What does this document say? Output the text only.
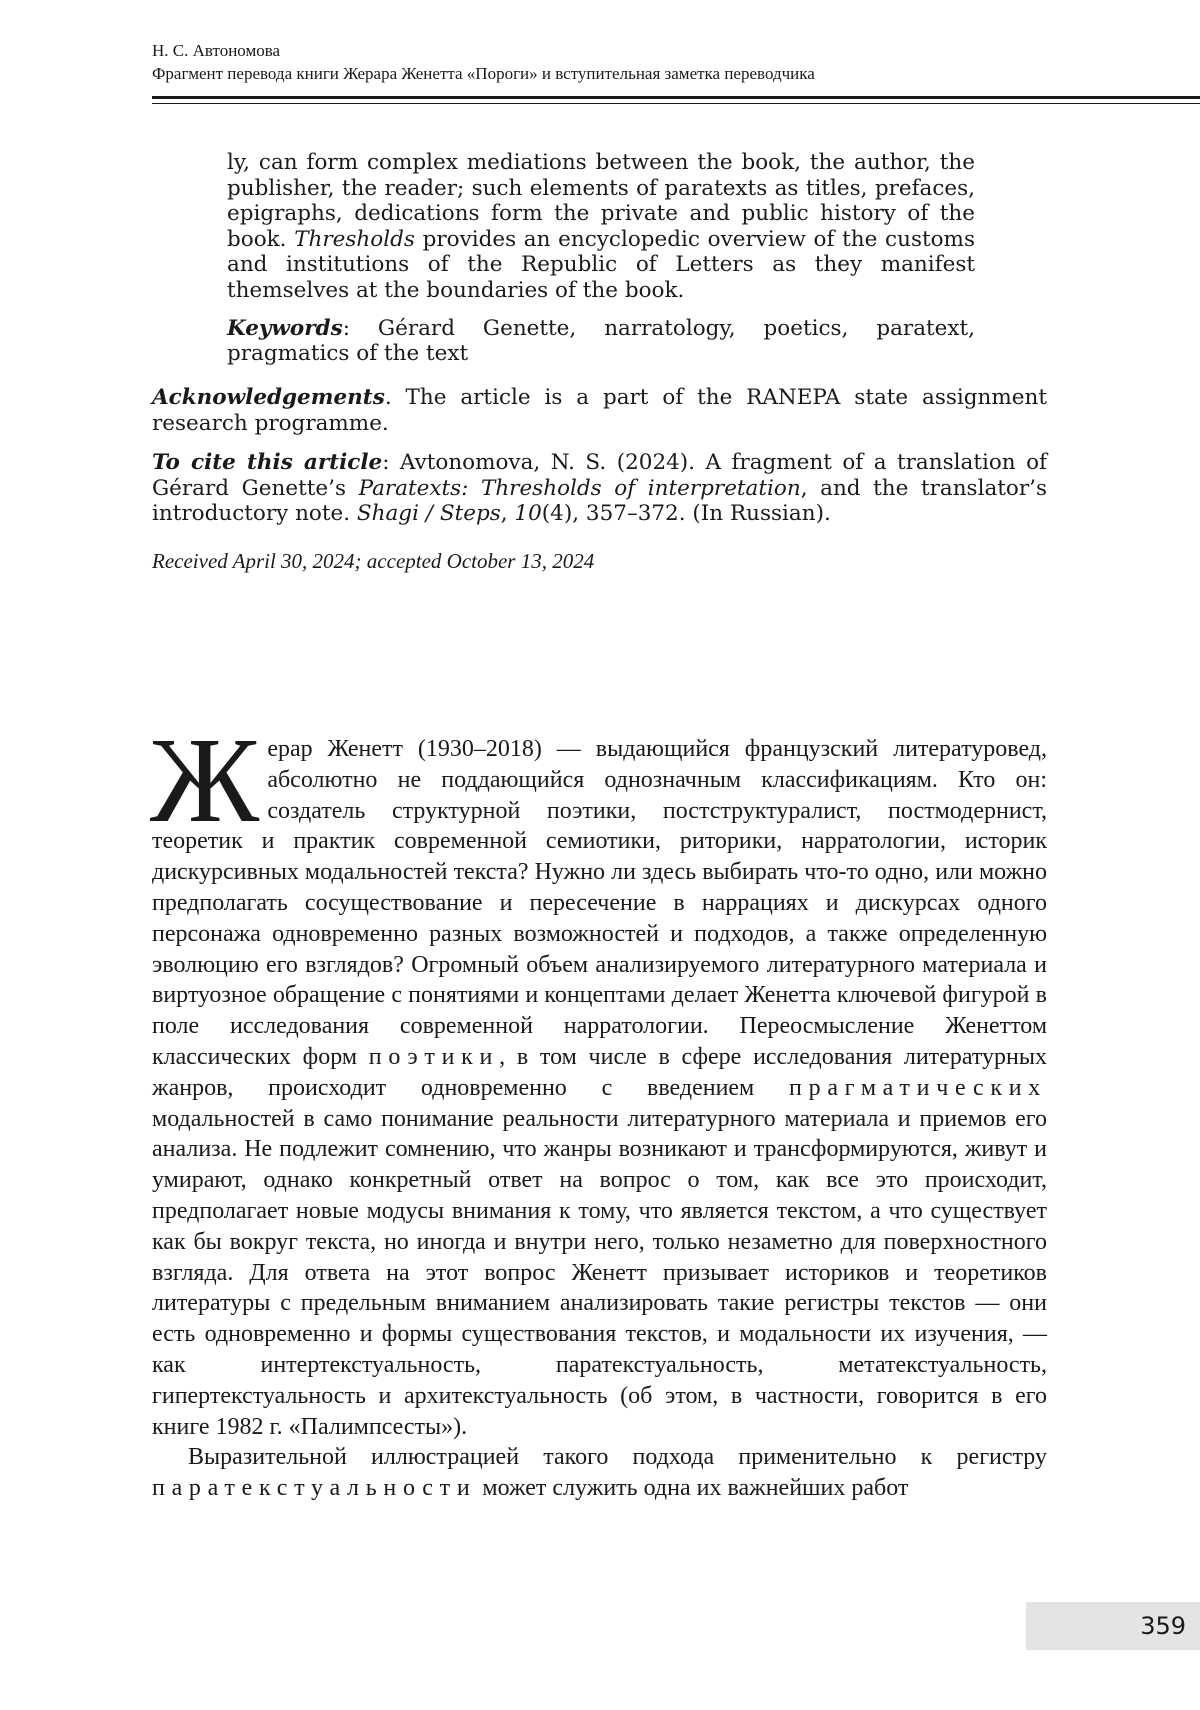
Н. С. Автономова
Фрагмент перевода книги Жерара Женетта «Пороги» и вступительная заметка переводчика

ly, can form complex mediations between the book, the author, the publisher, the reader; such elements of paratexts as titles, prefaces, epigraphs, dedications form the private and public history of the book. Thresholds provides an encyclopedic overview of the customs and institutions of the Republic of Letters as they manifest themselves at the boundaries of the book.

Keywords: Gérard Genette, narratology, poetics, paratext, pragmatics of the text

Acknowledgements. The article is a part of the RANEPA state assignment research programme.

To cite this article: Avtonomova, N. S. (2024). A fragment of a translation of Gérard Genette’s Paratexts: Thresholds of interpretation, and the translator’s introductory note. Shagi / Steps, 10(4), 357–372. (In Russian).

Received April 30, 2024; accepted October 13, 2024

Ж ерар Женетт (1930–2018) — выдающийся французский литературовед, абсолютно не поддающийся однозначным классификациям. Кто он: создатель структурной поэтики, постструктуралист, постмодернист, теоретик и практик современной семиотики, риторики, нарратологии, историк дискурсивных модальностей текста? Нужно ли здесь выбирать что-то одно, или можно предполагать сосуществование и пересечение в наррациях и дискурсах одного персонажа одновременно разных возможностей и подходов, а также определенную эволюцию его взглядов? Огромный объем анализируемого литературного материала и виртуозное обращение с понятиями и концептами делает Женетта ключевой фигурой в поле исследования современной нарратологии. Переосмысление Женеттом классических форм поэтики, в том числе в сфере исследования литературных жанров, происходит одновременно с введением прагматических модальностей в само понимание реальности литературного материала и приемов его анализа. Не подлежит сомнению, что жанры возникают и трансформируются, живут и умирают, однако конкретный ответ на вопрос о том, как все это происходит, предполагает новые модусы внимания к тому, что является текстом, а что существует как бы вокруг текста, но иногда и внутри него, только незаметно для поверхностного взгляда. Для ответа на этот вопрос Женетт призывает историков и теоретиков литературы с предельным вниманием анализировать такие регистры текстов — они есть одновременно и формы существования текстов, и модальности их изучения, — как интертекстуальность, паратекстуальность, метатекстуальность, гипертекстуальность и архитекстуальность (об этом, в частности, говорится в его книге 1982 г. «Палимпсесты»).

Выразительной иллюстрацией такого подхода применительно к регистру паратекстуальности может служить одна их важнейших работ

359
